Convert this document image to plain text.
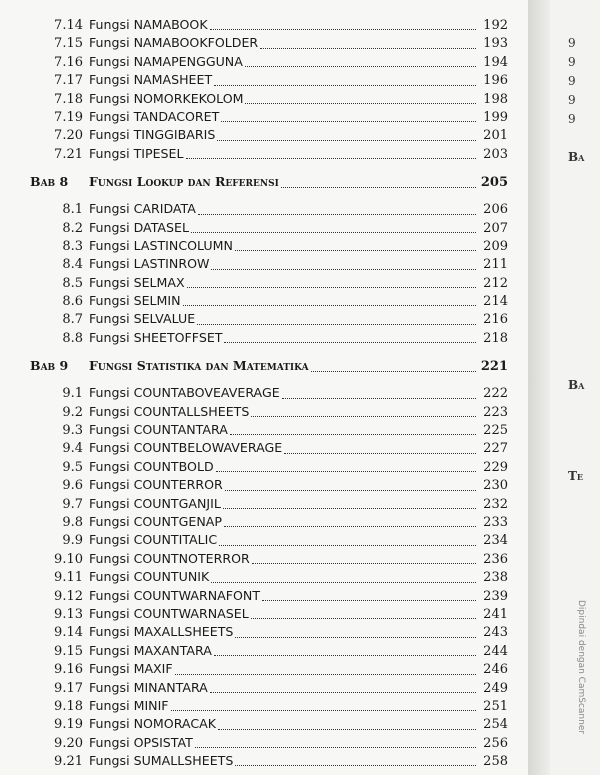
7.14 Fungsi NAMABOOK	192
7.15 Fungsi NAMABOOKFOLDER	193
7.16 Fungsi NAMAPENGGUNA	194
7.17 Fungsi NAMASHEET	196
7.18 Fungsi NOMORKEKOLOM	198
7.19 Fungsi TANDACORET	199
7.20 Fungsi TINGGIBARIS	201
7.21 Fungsi TIPESEL	203
Bab 8	Fungsi Lookup dan Referensi	205
8.1 Fungsi CARIDATA	206
8.2 Fungsi DATASEL	207
8.3 Fungsi LASTINCOLUMN	209
8.4 Fungsi LASTINROW	211
8.5 Fungsi SELMAX	212
8.6 Fungsi SELMIN	214
8.7 Fungsi SELVALUE	216
8.8 Fungsi SHEETOFFSET	218
Bab 9	Fungsi Statistika dan Matematika	221
9.1 Fungsi COUNTABOVEAVERAGE	222
9.2 Fungsi COUNTALLSHEETS	223
9.3 Fungsi COUNTANTARA	225
9.4 Fungsi COUNTBELOWAVERAGE	227
9.5 Fungsi COUNTBOLD	229
9.6 Fungsi COUNTERROR	230
9.7 Fungsi COUNTGANJIL	232
9.8 Fungsi COUNTGENAP	233
9.9 Fungsi COUNTITALIC	234
9.10 Fungsi COUNTNOTERROR	236
9.11 Fungsi COUNTUNIK	238
9.12 Fungsi COUNTWARNAFONT	239
9.13 Fungsi COUNTWARNASEL	241
9.14 Fungsi MAXALLSHEETS	243
9.15 Fungsi MAXANTARA	244
9.16 Fungsi MAXIF	246
9.17 Fungsi MINANTARA	249
9.18 Fungsi MINIF	251
9.19 Fungsi NOMORACAK	254
9.20 Fungsi OPSISTAT	256
9.21 Fungsi SUMALLSHEETS	258
9
9
9
9
9
Ba
Ba
Te
Dipindai dengan CamScanner
